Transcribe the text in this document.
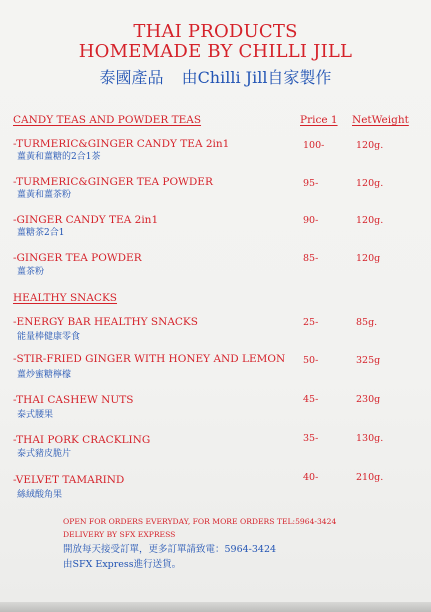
THAI PRODUCTS
HOMEMADE BY CHILLI JILL
泰國產品 由Chilli Jill自家製作
CANDY TEAS AND POWDER TEAS	Price 1 NetWeight
-TURMERIC&GINGER CANDY TEA 2in1
薑黃和薑糖的2合1茶
100-	120g.
-TURMERIC&GINGER TEA POWDER
薑黃和薑茶粉
95-	120g.
-GINGER CANDY TEA 2in1
薑糖茶2合1
90-	120g.
-GINGER TEA POWDER
薑茶粉
85-	120g
HEALTHY SNACKS
-ENERGY BAR HEALTHY SNACKS
能量棒健康零食
25-	85g.
-STIR-FRIED GINGER WITH HONEY AND LEMON
薑炒蜜糖檸檬
50-	325g
-THAI CASHEW NUTS
泰式腰果
45-	230g
-THAI PORK CRACKLING
泰式豬皮脆片
35-	130g.
-VELVET TAMARIND
絲絨酸角果
40-	210g.
OPEN FOR ORDERS EVERYDAY, FOR MORE ORDERS TEL:5964-3424
DELIVERY BY SFX EXPRESS
開放每天接受訂單，更多訂單請致電：5964-3424
由SFX Express進行送貨。
